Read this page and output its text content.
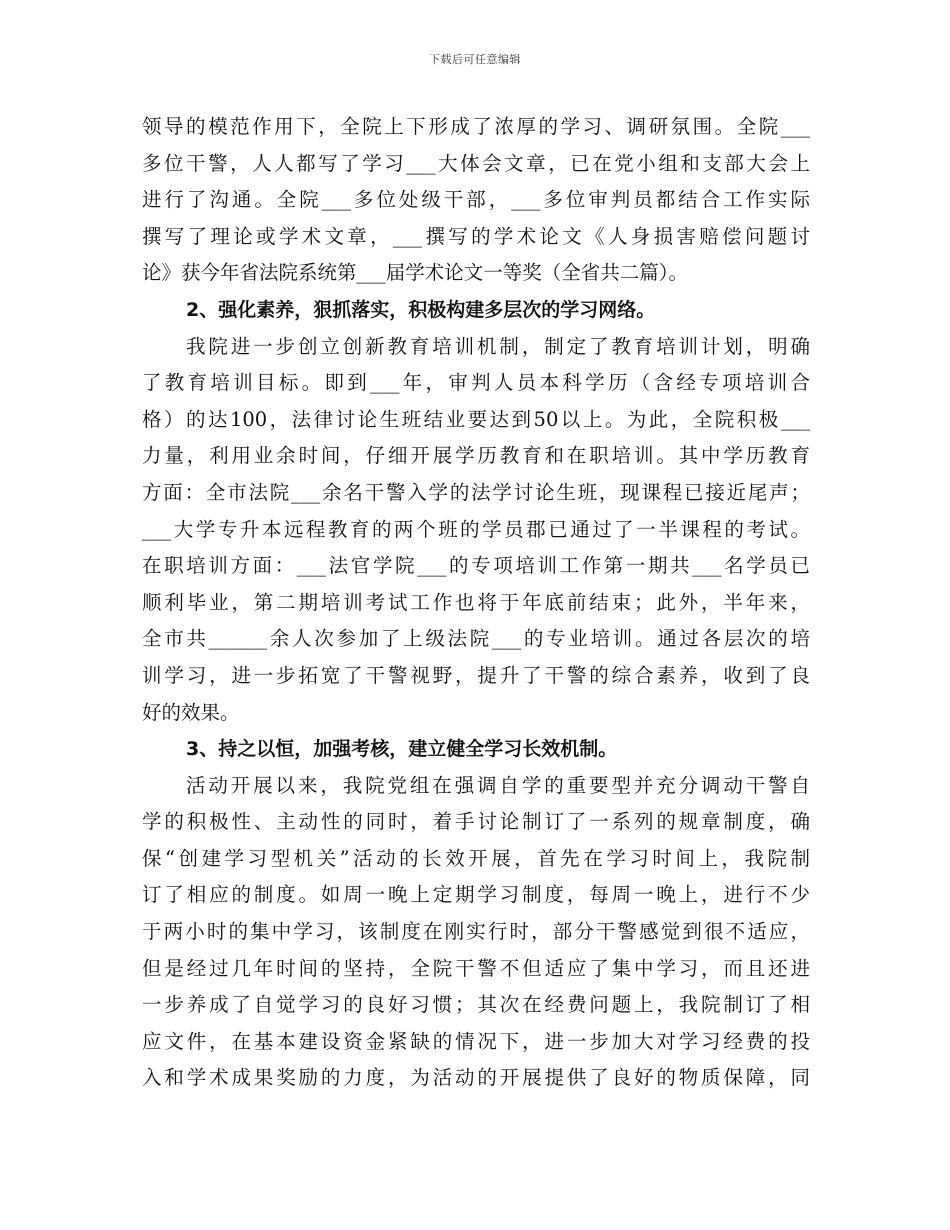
下载后可任意编辑
领导的模范作用下，全院上下形成了浓厚的学习、调研氛围。全院___
多位干警，人人都写了学习___大体会文章，已在党小组和支部大会上
进行了沟通。全院___多位处级干部，___多位审判员都结合工作实际
撰写了理论或学术文章，___撰写的学术论文《人身损害赔偿问题讨
论》获今年省法院系统第___届学术论文一等奖（全省共二篇）。
2、强化素养，狠抓落实，积极构建多层次的学习网络。
我院进一步创立创新教育培训机制，制定了教育培训计划，明确
了教育培训目标。即到___年，审判人员本科学历（含经专项培训合
格）的达100，法律讨论生班结业要达到50以上。为此，全院积极___
力量，利用业余时间，仔细开展学历教育和在职培训。其中学历教育
方面：全市法院___余名干警入学的法学讨论生班，现课程已接近尾声；
___大学专升本远程教育的两个班的学员郡已通过了一半课程的考试。
在职培训方面：___法官学院___的专项培训工作第一期共___名学员已
顺利毕业，第二期培训考试工作也将于年底前结束；此外，半年来，
全市共______余人次参加了上级法院___的专业培训。通过各层次的培
训学习，进一步拓宽了干警视野，提升了干警的综合素养，收到了良
好的效果。
3、持之以恒，加强考核，建立健全学习长效机制。
活动开展以来，我院党组在强调自学的重要型并充分调动干警自
学的积极性、主动性的同时，着手讨论制订了一系列的规章制度，确
保“创建学习型机关”活动的长效开展，首先在学习时间上，我院制
订了相应的制度。如周一晚上定期学习制度，每周一晚上，进行不少
于两小时的集中学习，该制度在刚实行时，部分干警感觉到很不适应，
但是经过几年时间的坚持，全院干警不但适应了集中学习，而且还进
一步养成了自觉学习的良好习惯；其次在经费问题上，我院制订了相
应文件，在基本建设资金紧缺的情况下，进一步加大对学习经费的投
入和学术成果奖励的力度，为活动的开展提供了良好的物质保障，同
